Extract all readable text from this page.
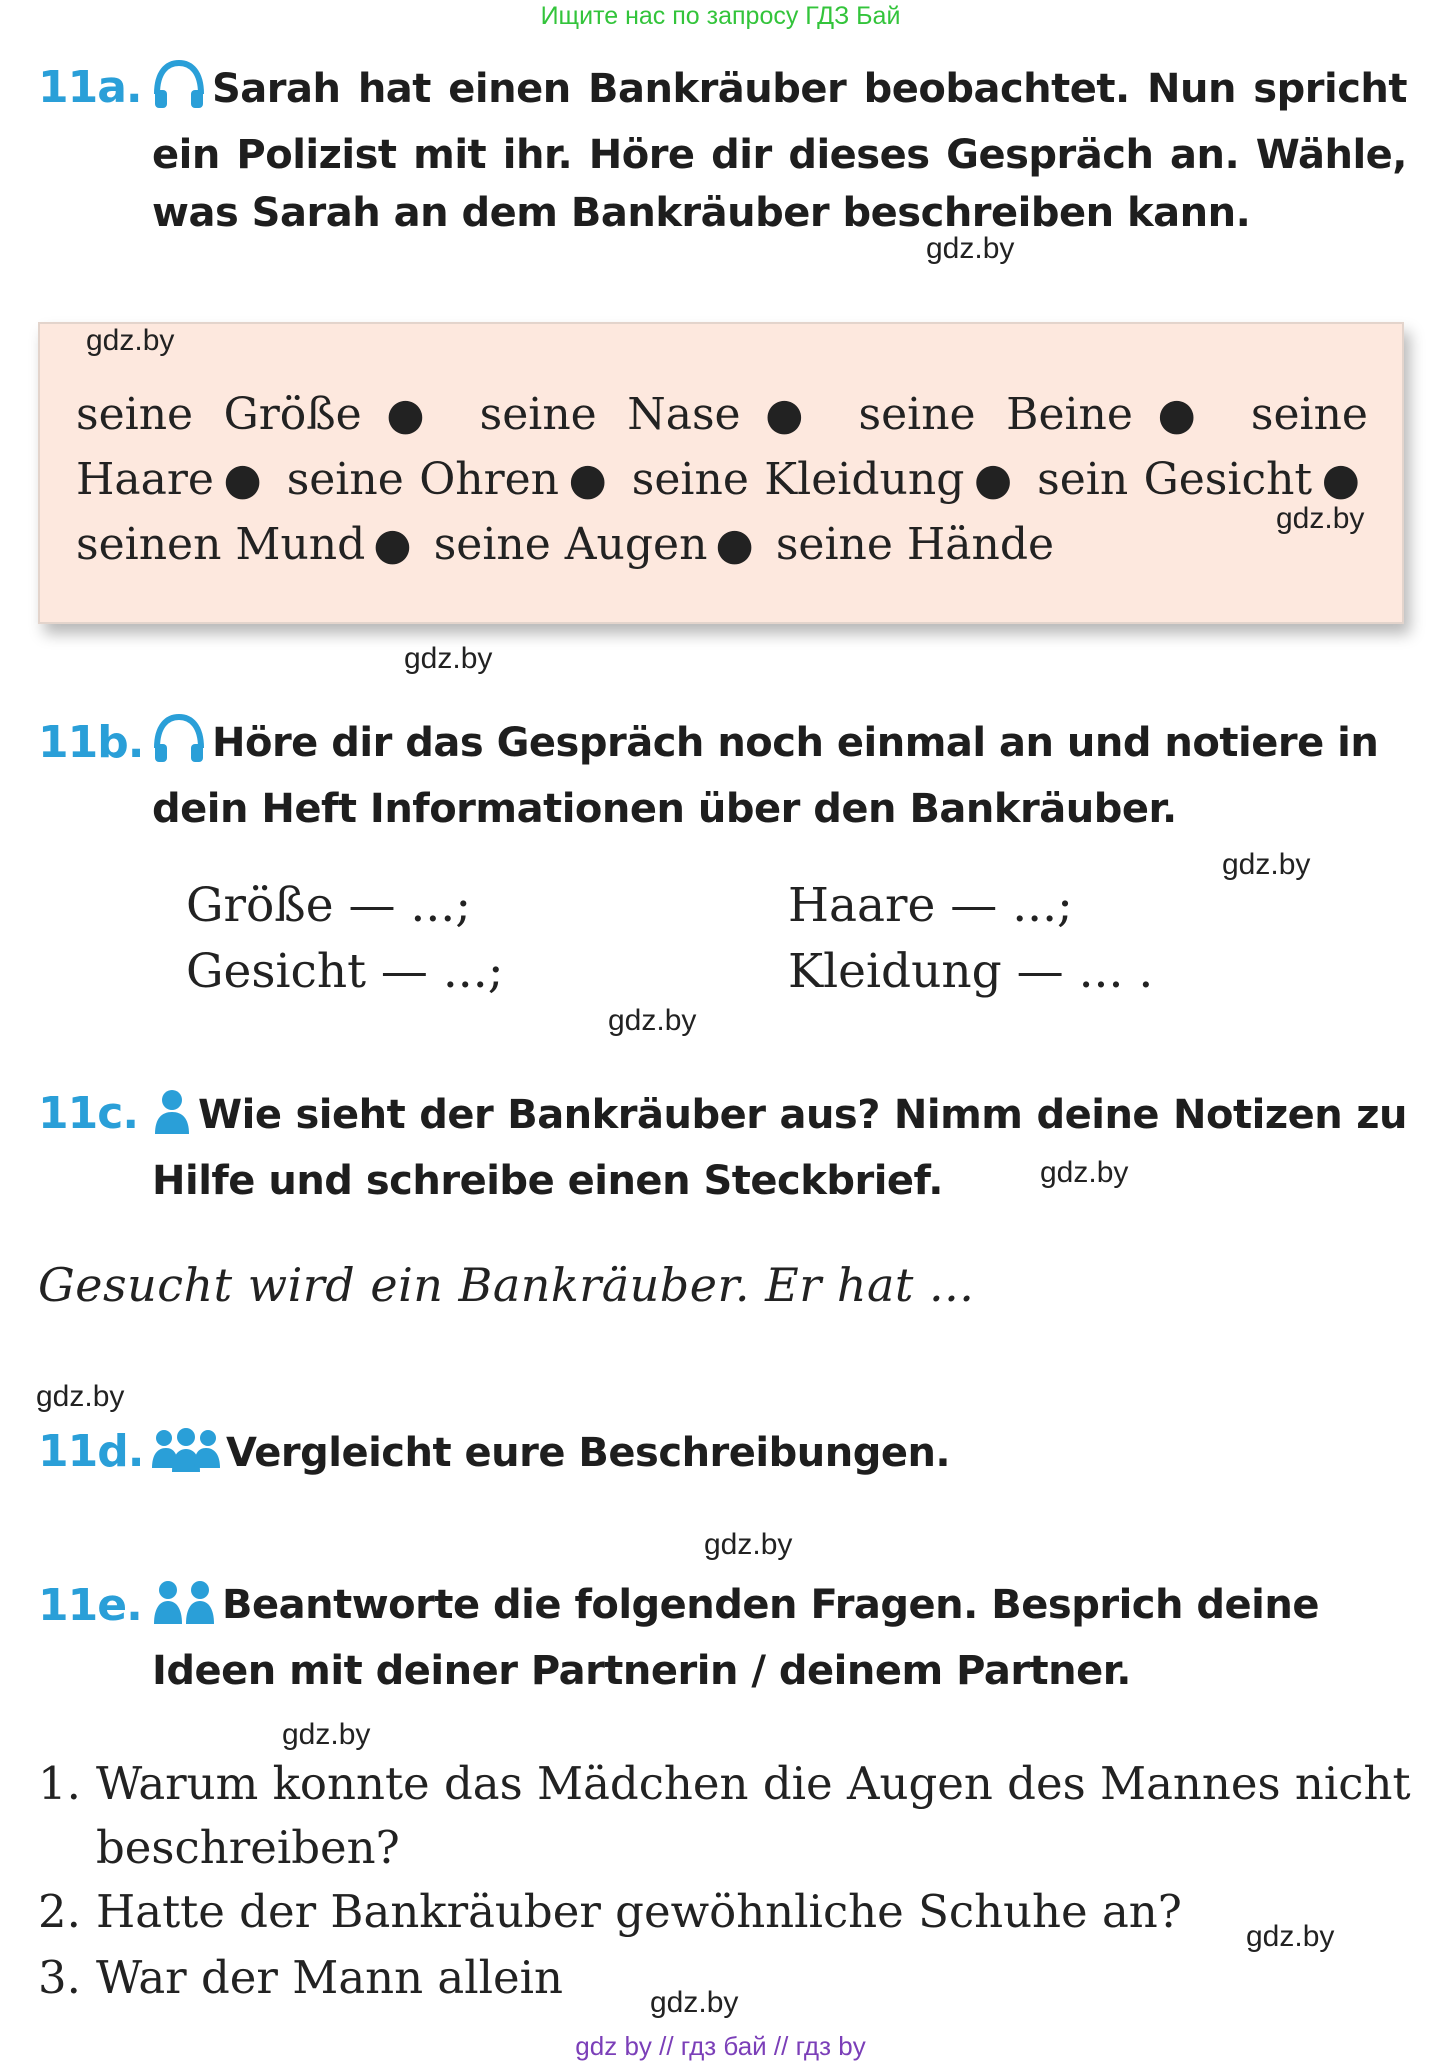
Ищите нас по запросу ГДЗ Бай
11a.	Sarah hat einen Bankräuber beobachtet. Nun spricht ein Polizist mit ihr. Höre dir dieses Gespräch an. Wähle, was Sarah an dem Bankräuber beschreiben kann.
gdz.by
gdz.by
seine Größe ● seine Nase ● seine Beine ● seine Haare ● seine Ohren ● seine Kleidung ● sein Gesicht ● seinen Mund ● seine Augen ● seine Hände
gdz.by
gdz.by
11b.	Höre dir das Gespräch noch einmal an und notiere in dein Heft Informationen über den Bankräuber.
gdz.by
Größe — ...;	Haare — ...;
Gesicht — ...;	Kleidung — ... .
gdz.by
11c.	Wie sieht der Bankräuber aus? Nimm deine Notizen zu Hilfe und schreibe einen Steckbrief.	gdz.by
Gesucht wird ein Bankräuber. Er hat ...
gdz.by
11d.	Vergleicht eure Beschreibungen.
gdz.by
11e.	Beantworte die folgenden Fragen. Besprich deine Ideen mit deiner Partnerin / deinem Partner.
gdz.by
1. Warum konnte das Mädchen die Augen des Mannes nicht
beschreiben?
2. Hatte der Bankräuber gewöhnliche Schuhe an? gdz.by
3. War der Mann allein	gdz.by
gdz by // гдз бай // гдз by
